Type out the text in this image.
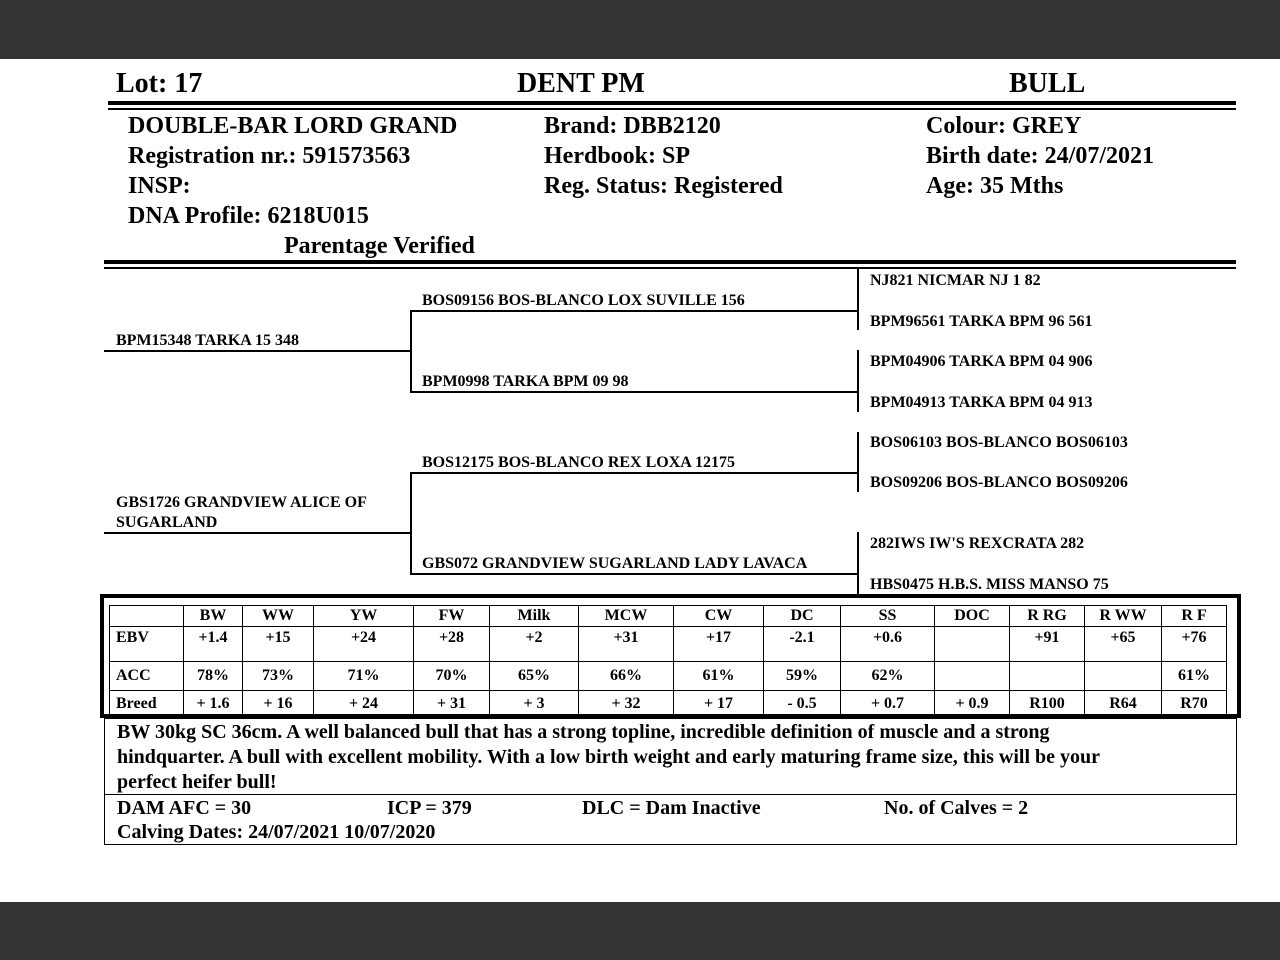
Lot: 17	DENT PM	BULL
DOUBLE-BAR LORD GRAND
Registration nr.: 591573563
INSP:
DNA Profile: 6218U015
Parentage Verified
Brand: DBB2120
Herdbook: SP
Reg. Status: Registered
Colour: GREY
Birth date: 24/07/2021
Age: 35 Mths
BPM15348 TARKA 15 348
GBS1726 GRANDVIEW ALICE OF
SUGARLAND
BOS09156 BOS-BLANCO LOX SUVILLE 156
BPM0998 TARKA BPM 09 98
BOS12175 BOS-BLANCO REX LOXA 12175
GBS072 GRANDVIEW SUGARLAND LADY LAVACA
NJ821 NICMAR NJ 1 82
BPM96561 TARKA BPM 96 561
BPM04906 TARKA BPM 04 906
BPM04913 TARKA BPM 04 913
BOS06103 BOS-BLANCO BOS06103
BOS09206 BOS-BLANCO BOS09206
282IWS IW'S REXCRATA 282
HBS0475 H.B.S. MISS MANSO 75
	BW	WW	YW	FW	Milk	MCW	CW	DC	SS	DOC	R RG	R WW	R F
EBV	+1.4	+15	+24	+28	+2	+31	+17	-2.1	+0.6		+91	+65	+76
ACC	78%	73%	71%	70%	65%	66%	61%	59%	62%				61%
Breed	+ 1.6	+ 16	+ 24	+ 31	+ 3	+ 32	+ 17	- 0.5	+ 0.7	+ 0.9	R100	R64	R70
BW 30kg SC 36cm. A well balanced bull that has a strong topline, incredible definition of muscle and a strong
hindquarter. A bull with excellent mobility. With a low birth weight and early maturing frame size, this will be your
perfect heifer bull!
DAM AFC = 30	ICP = 379	DLC = Dam Inactive	No. of Calves = 2
Calving Dates: 24/07/2021 10/07/2020
